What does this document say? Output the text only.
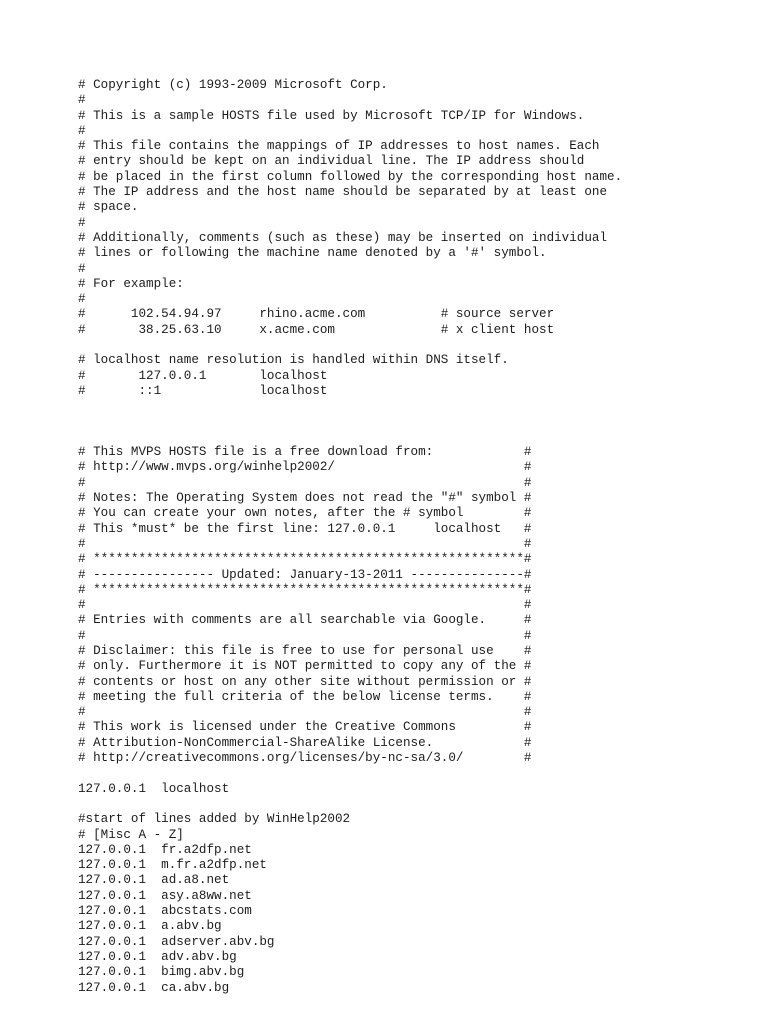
# Copyright (c) 1993-2009 Microsoft Corp.
#
# This is a sample HOSTS file used by Microsoft TCP/IP for Windows.
#
# This file contains the mappings of IP addresses to host names. Each
# entry should be kept on an individual line. The IP address should
# be placed in the first column followed by the corresponding host name.
# The IP address and the host name should be separated by at least one
# space.
#
# Additionally, comments (such as these) may be inserted on individual
# lines or following the machine name denoted by a '#' symbol.
#
# For example:
#
#      102.54.94.97     rhino.acme.com          # source server
#       38.25.63.10     x.acme.com              # x client host
# localhost name resolution is handled within DNS itself.
#       127.0.0.1       localhost
#       ::1             localhost
# This MVPS HOSTS file is a free download from:            #
# http://www.mvps.org/winhelp2002/                         #
#                                                          #
# Notes: The Operating System does not read the "#" symbol #
# You can create your own notes, after the # symbol        #
# This *must* be the first line: 127.0.0.1     localhost   #
#                                                          #
# *********************************************************#
# ---------------- Updated: January-13-2011 ---------------#
# *********************************************************#
#                                                          #
# Entries with comments are all searchable via Google.     #
#                                                          #
# Disclaimer: this file is free to use for personal use    #
# only. Furthermore it is NOT permitted to copy any of the #
# contents or host on any other site without permission or #
# meeting the full criteria of the below license terms.    #
#                                                          #
# This work is licensed under the Creative Commons         #
# Attribution-NonCommercial-ShareAlike License.            #
# http://creativecommons.org/licenses/by-nc-sa/3.0/        #
127.0.0.1  localhost
#start of lines added by WinHelp2002
# [Misc A - Z]
127.0.0.1  fr.a2dfp.net
127.0.0.1  m.fr.a2dfp.net
127.0.0.1  ad.a8.net
127.0.0.1  asy.a8ww.net
127.0.0.1  abcstats.com
127.0.0.1  a.abv.bg
127.0.0.1  adserver.abv.bg
127.0.0.1  adv.abv.bg
127.0.0.1  bimg.abv.bg
127.0.0.1  ca.abv.bg
